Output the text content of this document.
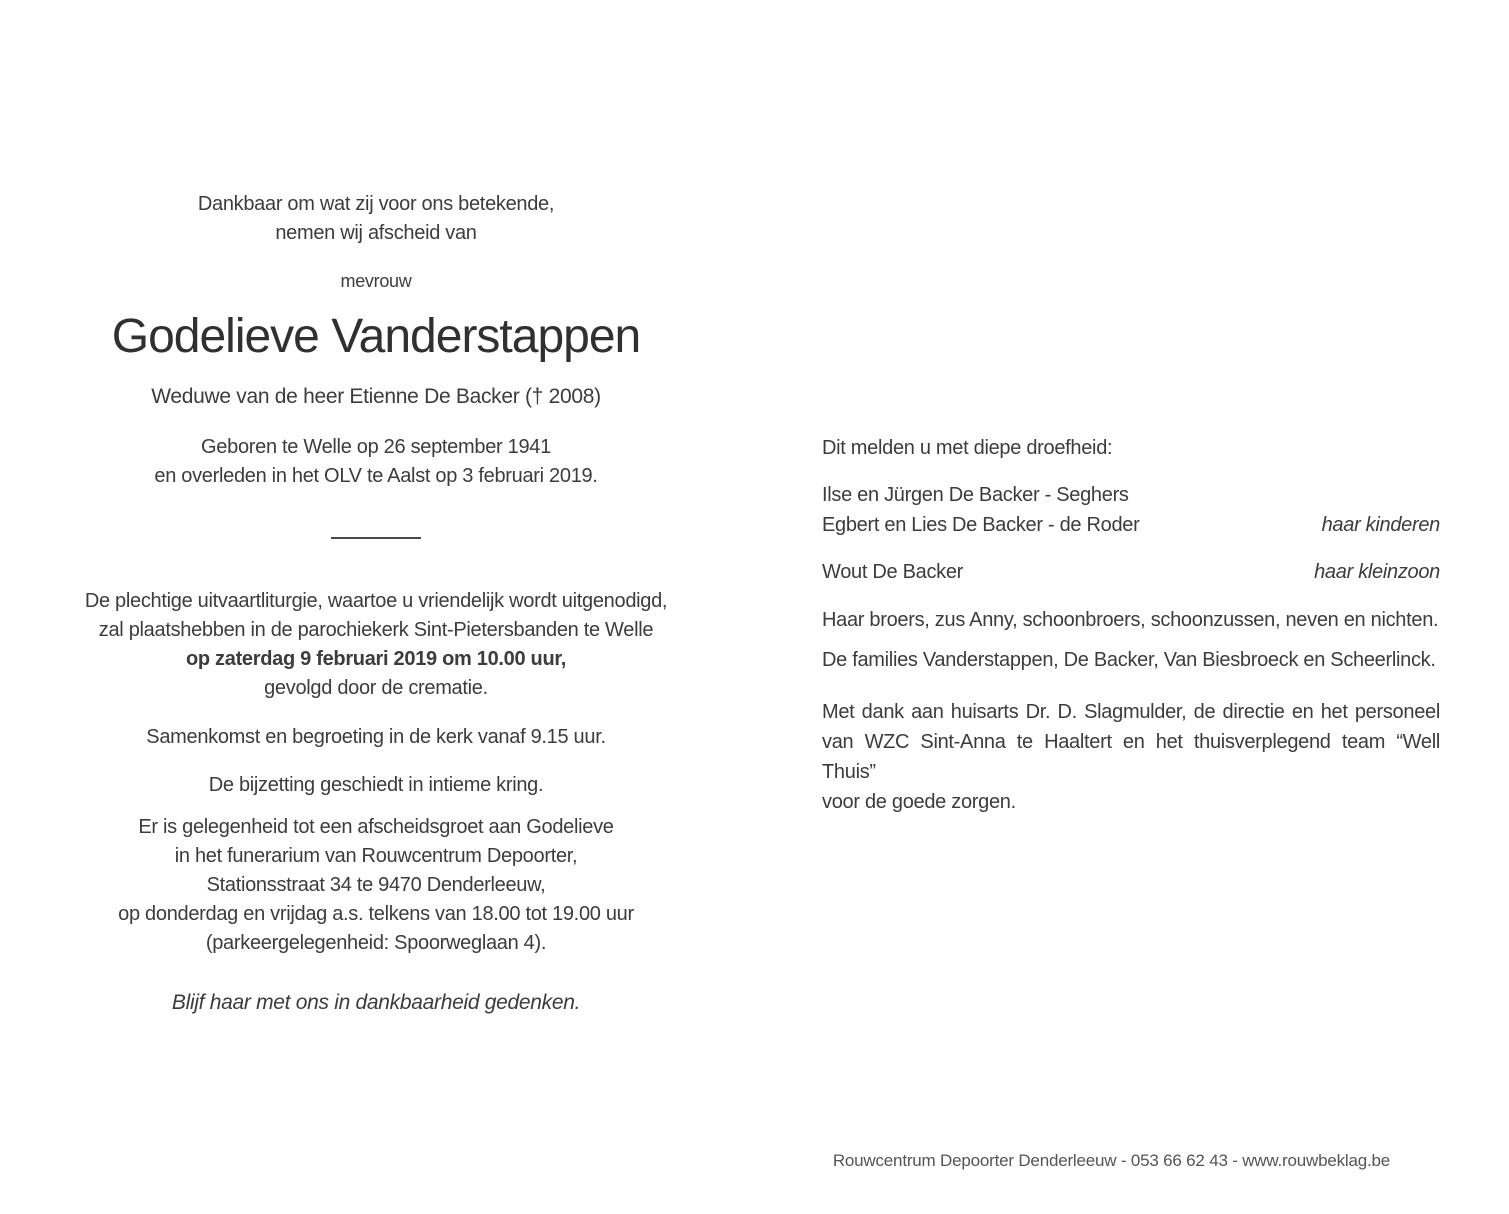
Dankbaar om wat zij voor ons betekende,
nemen wij afscheid van
mevrouw
Godelieve Vanderstappen
Weduwe van de heer Etienne De Backer († 2008)
Geboren te Welle op 26 september 1941
en overleden in het OLV te Aalst op 3 februari 2019.
De plechtige uitvaartliturgie, waartoe u vriendelijk wordt uitgenodigd,
zal plaatshebben in de parochiekerk Sint-Pietersbanden te Welle
op zaterdag 9 februari 2019 om 10.00 uur,
gevolgd door de crematie.
Samenkomst en begroeting in de kerk vanaf 9.15 uur.
De bijzetting geschiedt in intieme kring.
Er is gelegenheid tot een afscheidsgroet aan Godelieve
in het funerarium van Rouwcentrum Depoorter,
Stationsstraat 34 te 9470 Denderleeuw,
op donderdag en vrijdag a.s. telkens van 18.00 tot 19.00 uur
(parkeergelegenheid: Spoorweglaan 4).
Blijf haar met ons in dankbaarheid gedenken.
Dit melden u met diepe droefheid:
Ilse en Jürgen De Backer - Seghers
Egbert en Lies De Backer - de Roder	haar kinderen
Wout De Backer	haar kleinzoon
Haar broers, zus Anny, schoonbroers, schoonzussen, neven en nichten.
De families Vanderstappen, De Backer, Van Biesbroeck en Scheerlinck.
Met dank aan huisarts Dr. D. Slagmulder, de directie en het personeel
van WZC Sint-Anna te Haaltert en het thuisverplegend team “Well Thuis”
voor de goede zorgen.
Rouwcentrum Depoorter Denderleeuw - 053 66 62 43 - www.rouwbeklag.be
